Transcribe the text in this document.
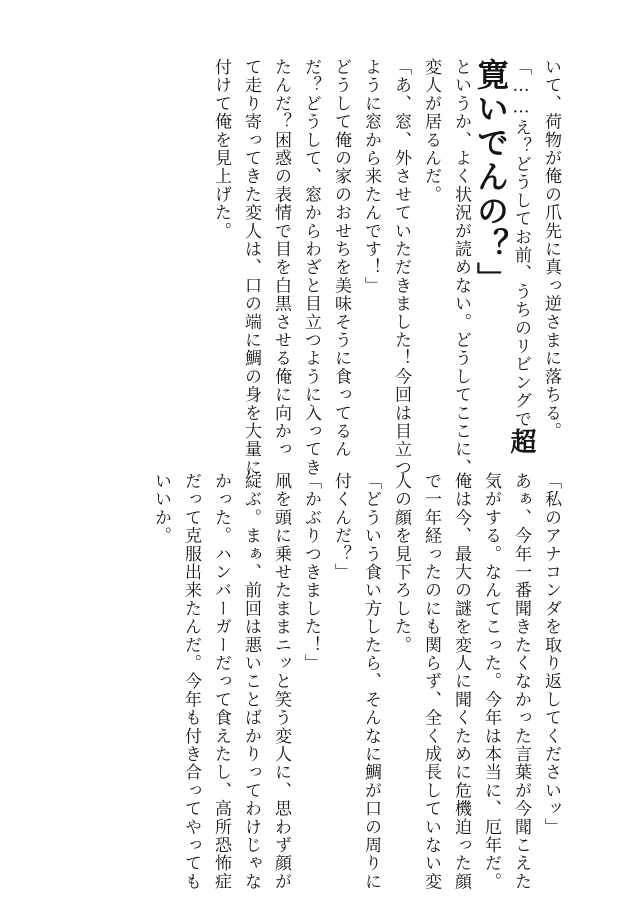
いて、荷物が俺の爪先に真っ逆さまに落ちる。
「……え？どうしてお前、うちのリビングで超
寛いでんの？」
というか、よく状況が読めない。どうしてここに、
変人が居るんだ。
「あ、窓、外させていただきました！今回は目立つ
ように窓から来たんです！」
どうして俺の家のおせちを美味そうに食ってるん
だ？どうして、窓からわざと目立つように入ってき
たんだ？困惑の表情で目を白黒させる俺に向かっ
て走り寄ってきた変人は、口の端に鯛の身を大量に
付けて俺を見上げた。
「私のアナコンダを取り返してくださいッ」
あぁ、今年一番聞きたくなかった言葉が今聞こえた
気がする。なんてこった。今年は本当に、厄年だ。
俺は今、最大の謎を変人に聞くために危機迫った顔
で一年経ったのにも関らず、全く成長していない変
人の顔を見下ろした。
「どういう食い方したら、そんなに鯛が口の周りに
付くんだ？」
「かぶりつきました！」
凧を頭に乗せたままニッと笑う変人に、思わず顔が
綻ぶ。まぁ、前回は悪いことばかりってわけじゃな
かった。ハンバーガーだって食えたし、高所恐怖症
だって克服出来たんだ。今年も付き合ってやっても
いいか。
